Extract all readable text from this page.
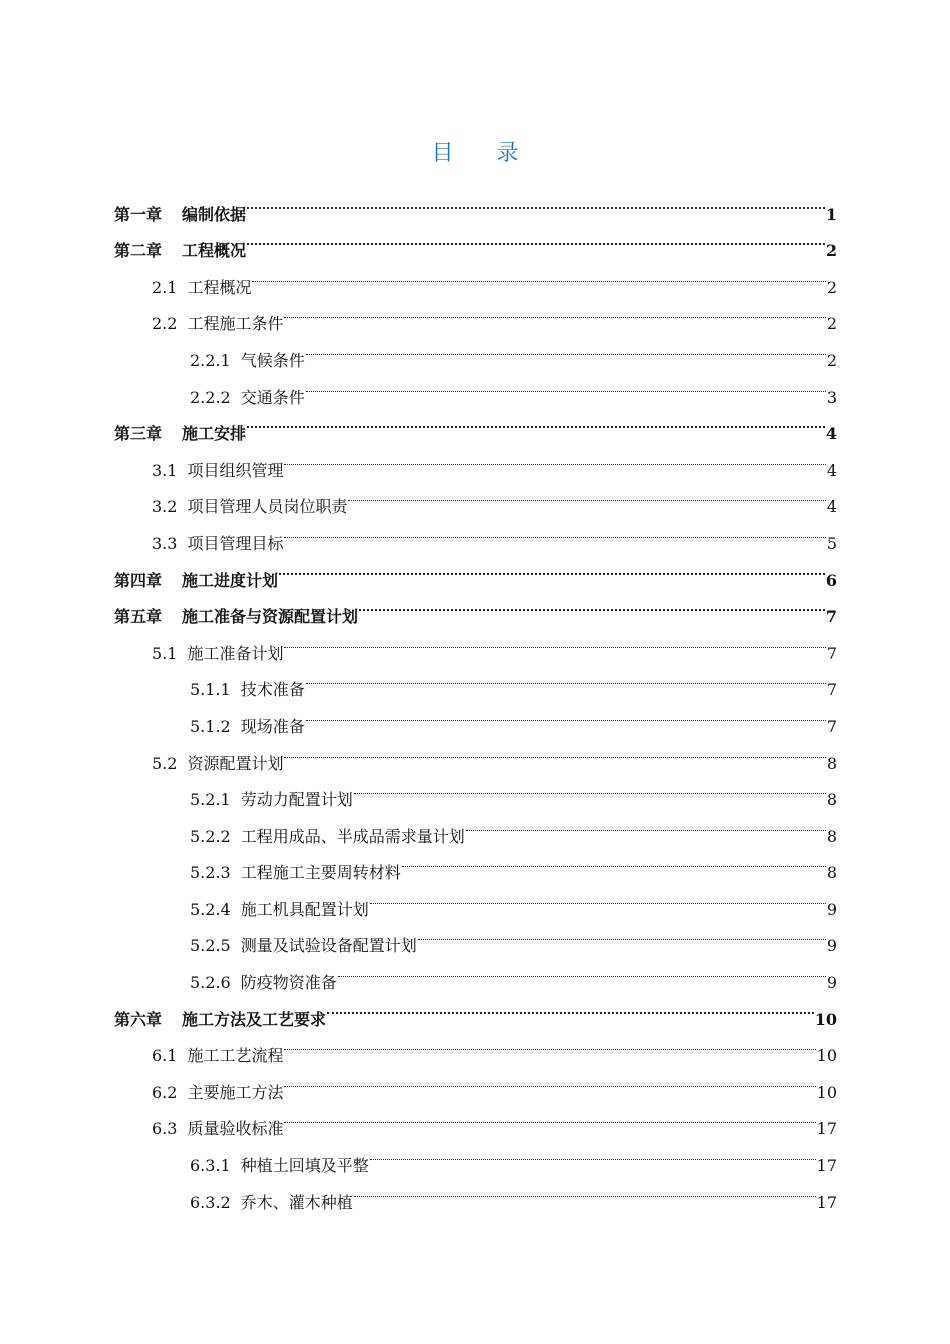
目 录
第一章 编制依据	1
第二章 工程概况	2
2.1 工程概况	2
2.2 工程施工条件	2
2.2.1 气候条件	2
2.2.2 交通条件	3
第三章 施工安排	4
3.1 项目组织管理	4
3.2 项目管理人员岗位职责	4
3.3 项目管理目标	5
第四章 施工进度计划	6
第五章 施工准备与资源配置计划	7
5.1 施工准备计划	7
5.1.1 技术准备	7
5.1.2 现场准备	7
5.2 资源配置计划	8
5.2.1 劳动力配置计划	8
5.2.2 工程用成品、半成品需求量计划	8
5.2.3 工程施工主要周转材料	8
5.2.4 施工机具配置计划	9
5.2.5 测量及试验设备配置计划	9
5.2.6 防疫物资准备	9
第六章 施工方法及工艺要求	10
6.1 施工工艺流程	10
6.2 主要施工方法	10
6.3 质量验收标准	17
6.3.1 种植土回填及平整	17
6.3.2 乔木、灌木种植	17
